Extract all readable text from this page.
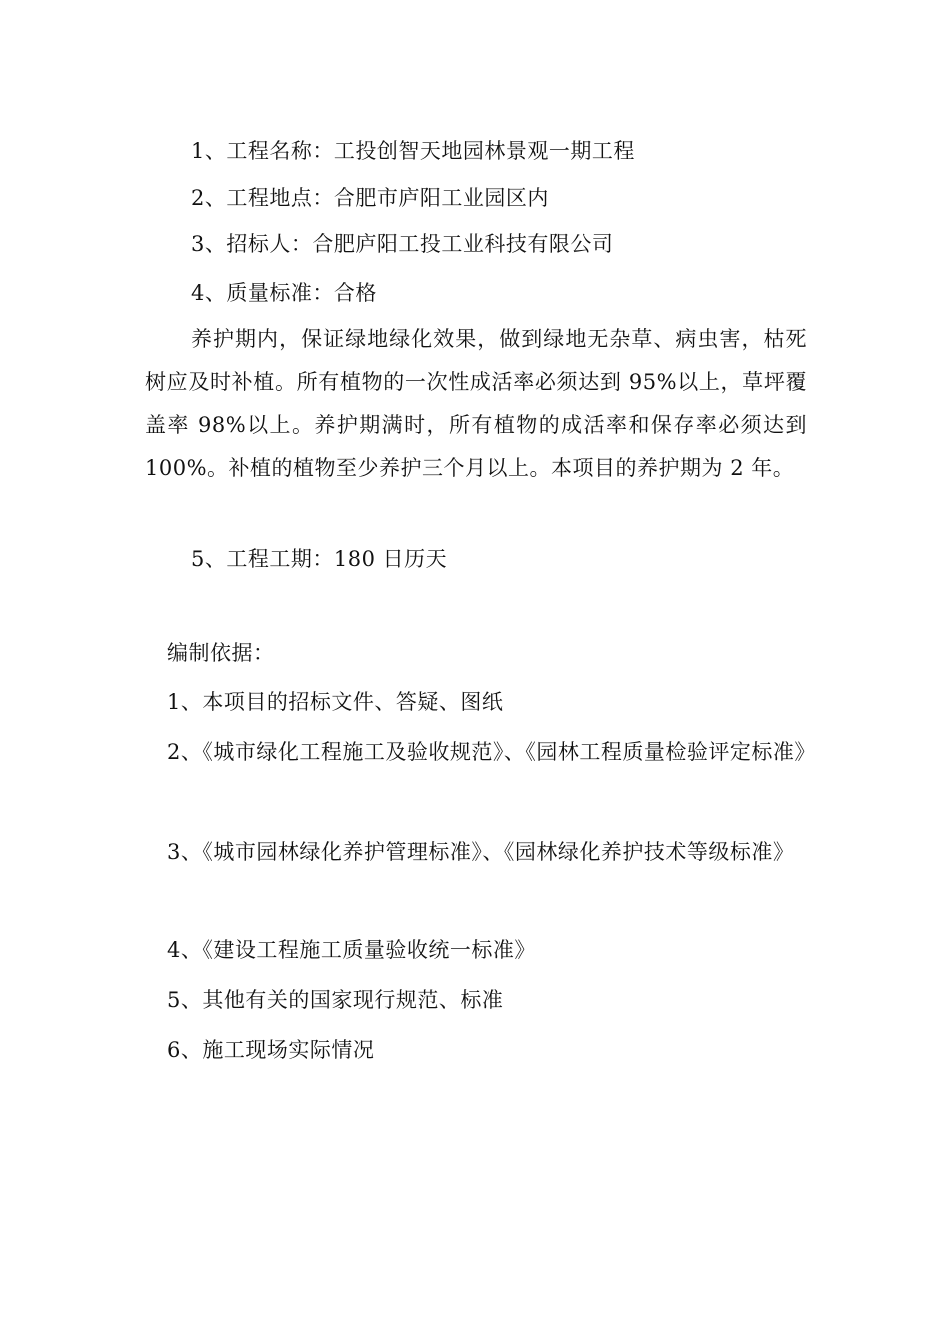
1、工程名称：工投创智天地园林景观一期工程
2、工程地点：合肥市庐阳工业园区内
3、招标人：合肥庐阳工投工业科技有限公司
4、质量标准：合格
养护期内，保证绿地绿化效果，做到绿地无杂草、病虫害，枯死树应及时补植。所有植物的一次性成活率必须达到 95%以上，草坪覆盖率 98%以上。养护期满时，所有植物的成活率和保存率必须达到 100%。补植的植物至少养护三个月以上。本项目的养护期为 2 年。
5、工程工期：180 日历天
编制依据：
1、本项目的招标文件、答疑、图纸
2、《城市绿化工程施工及验收规范》、《园林工程质量检验评定标准》
3、《城市园林绿化养护管理标准》、《园林绿化养护技术等级标准》
4、《建设工程施工质量验收统一标准》
5、其他有关的国家现行规范、标准
6、施工现场实际情况
